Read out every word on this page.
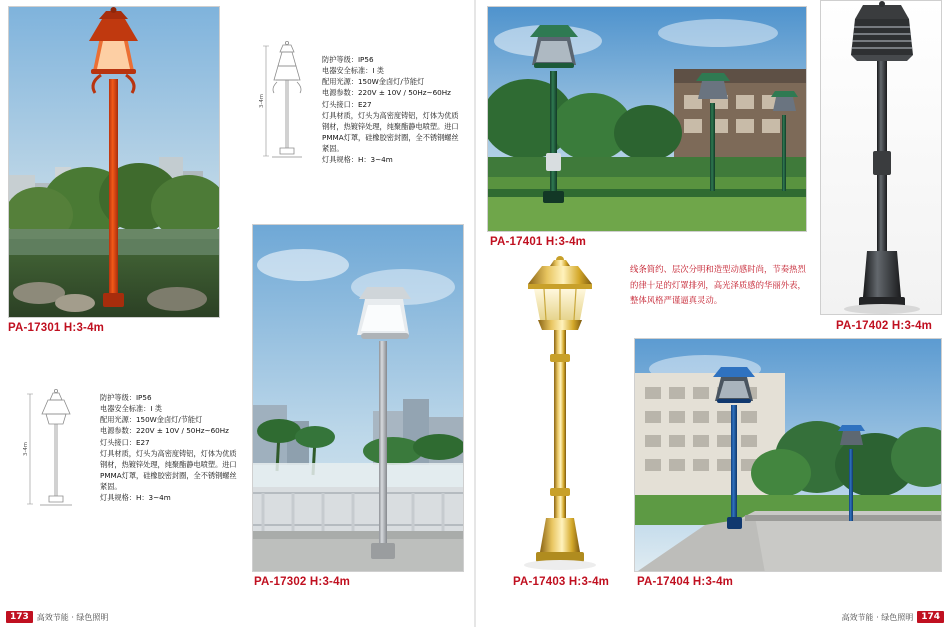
PA-17301 H:3-4m
3-4m
防护等级：IP56
电器安全标准：I 类
配用光源：150W金卤灯/节能灯
电源参数：220V ± 10V / 50Hz~60Hz
灯头接口：E27
灯具材质，灯头为高密度铸铝，灯体为优质
钢材，热镀锌处理，纯聚酯静电喷塑。进口
PMMA灯罩，硅橡胶密封圈，全不锈钢螺丝
紧固。
灯具规格：H：3~4m
3-4m
防护等级：IP56
电器安全标准：I 类
配用光源：150W金卤灯/节能灯
电源参数：220V ± 10V / 50Hz~60Hz
灯头接口：E27
灯具材质，灯头为高密度铸铝，灯体为优质
钢材，热镀锌处理，纯聚酯静电喷塑。进口
PMMA灯罩，硅橡胶密封圈，全不锈钢螺丝
紧固。
灯具规格：H：3~4m
PA-17302 H:3-4m
PA-17401 H:3-4m
PA-17402 H:3-4m
线条简约、层次分明和造型动感时尚，节奏热烈
的律十足的灯罩排列，高光泽质感的华丽外表，
整体风格严谨逼真灵动。
PA-17403 H:3-4m PA-17404 H:3-4m
173	高效节能 · 绿色照明	高效节能 · 绿色照明 174
